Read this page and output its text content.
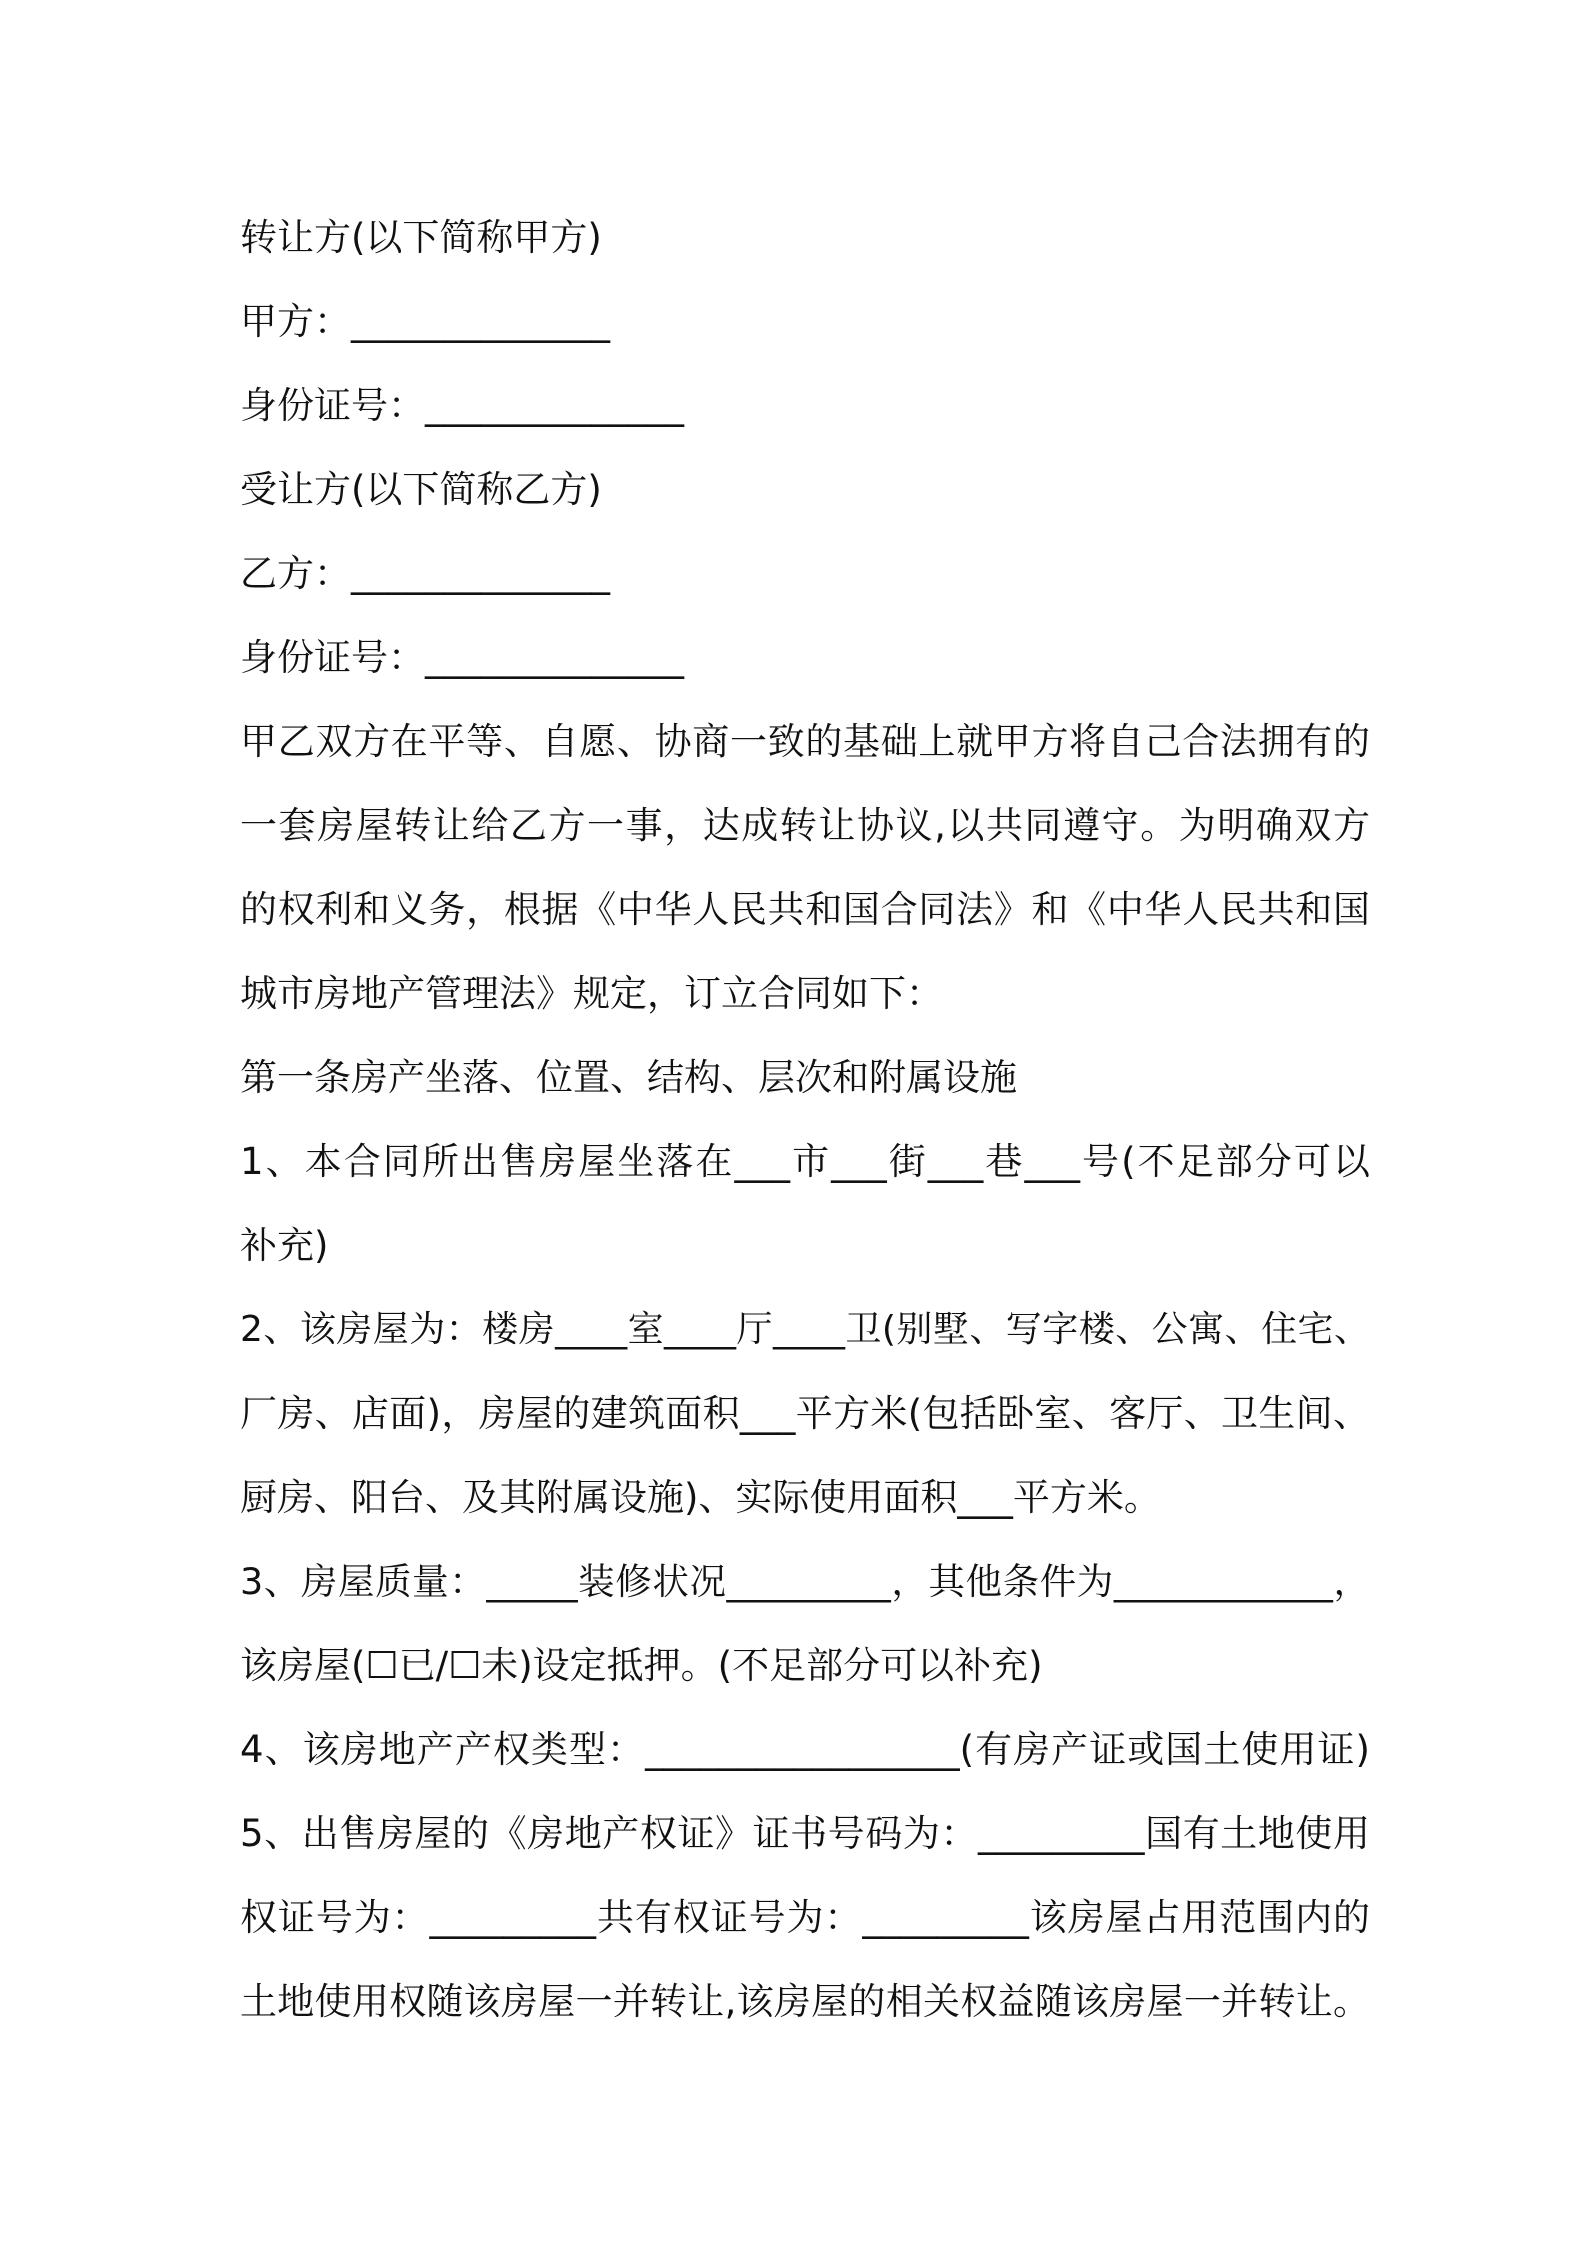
转让方(以下简称甲方)
甲方：______________
身份证号：______________
受让方(以下简称乙方)
乙方：______________
身份证号：______________
甲乙双方在平等、自愿、协商一致的基础上就甲方将自己合法拥有的
一套房屋转让给乙方一事，达成转让协议,以共同遵守。为明确双方
的权利和义务，根据《中华人民共和国合同法》和《中华人民共和国
城市房地产管理法》规定，订立合同如下：
第一条房产坐落、位置、结构、层次和附属设施
1、本合同所出售房屋坐落在___市___街___巷___号(不足部分可以
补充)
2、该房屋为：楼房____室____厅____卫(别墅、写字楼、公寓、住宅、
厂房、店面)，房屋的建筑面积___平方米(包括卧室、客厅、卫生间、
厨房、阳台、及其附属设施)、实际使用面积___平方米。
3、房屋质量：_____装修状况_________，其他条件为____________，
该房屋(☐已/☐未)设定抵押。(不足部分可以补充)
4、该房地产产权类型：_________________(有房产证或国土使用证)
5、出售房屋的《房地产权证》证书号码为：_________国有土地使用
权证号为：_________共有权证号为：_________该房屋占用范围内的
土地使用权随该房屋一并转让,该房屋的相关权益随该房屋一并转让。
